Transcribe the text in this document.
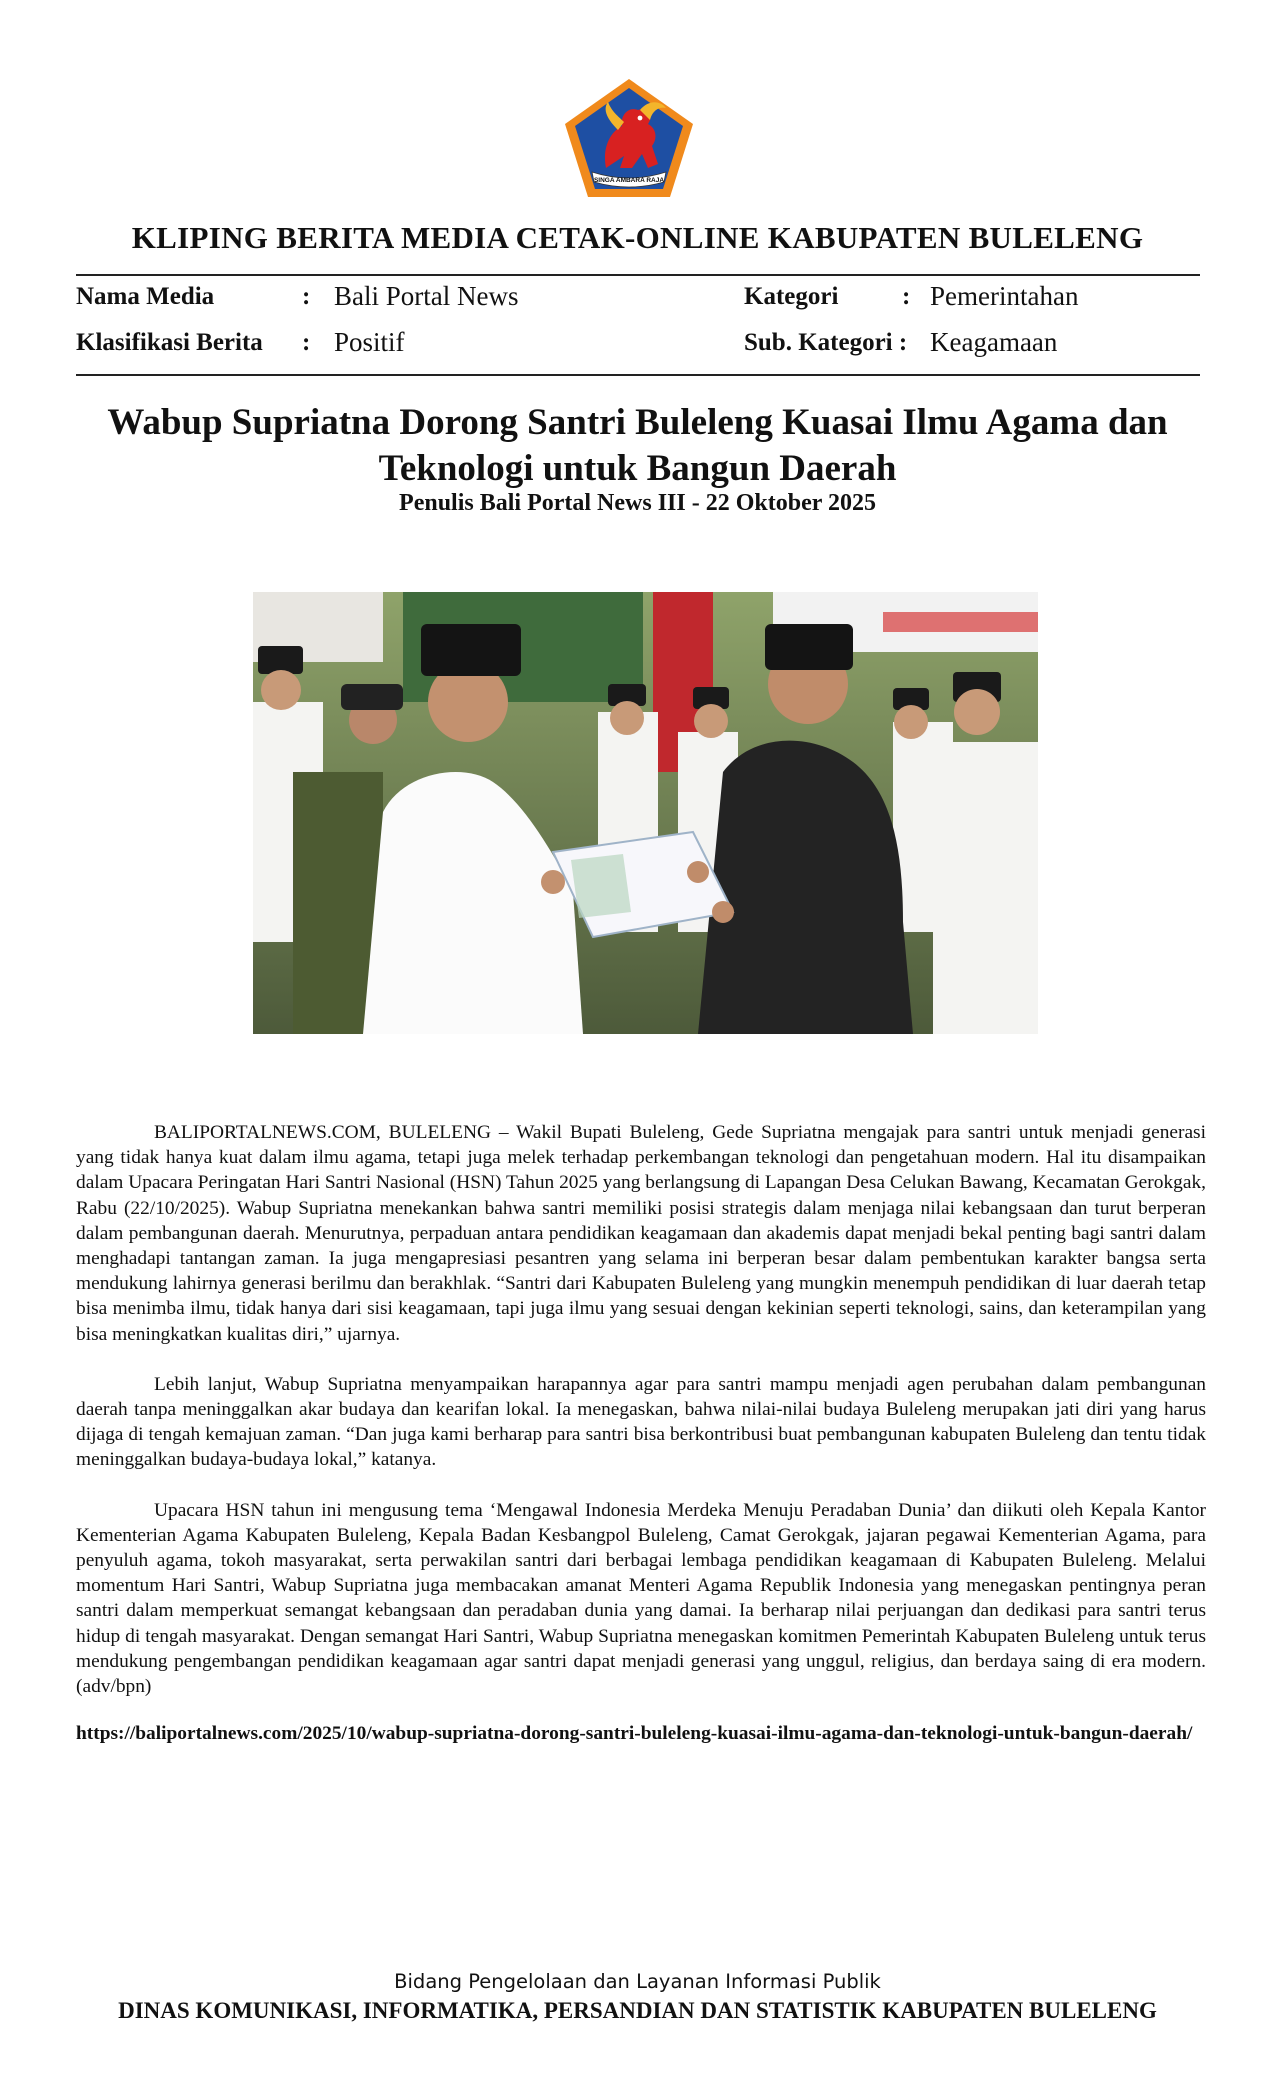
SINGA AMBARA RAJA
KLIPING BERITA MEDIA CETAK-ONLINE KABUPATEN BULELENG
Nama Media	: Bali Portal News	Kategori	: Pemerintahan
Klasifikasi Berita : Positif	Sub. Kategori : Keagamaan
Wabup Supriatna Dorong Santri Buleleng Kuasai Ilmu Agama dan Teknologi untuk Bangun Daerah
Penulis Bali Portal News III - 22 Oktober 2025

BALIPORTALNEWS.COM, BULELENG – Wakil Bupati Buleleng, Gede Supriatna mengajak para santri untuk menjadi generasi yang tidak hanya kuat dalam ilmu agama, tetapi juga melek terhadap perkembangan teknologi dan pengetahuan modern. Hal itu disampaikan dalam Upacara Peringatan Hari Santri Nasional (HSN) Tahun 2025 yang berlangsung di Lapangan Desa Celukan Bawang, Kecamatan Gerokgak, Rabu (22/10/2025). Wabup Supriatna menekankan bahwa santri memiliki posisi strategis dalam menjaga nilai kebangsaan dan turut berperan dalam pembangunan daerah. Menurutnya, perpaduan antara pendidikan keagamaan dan akademis dapat menjadi bekal penting bagi santri dalam menghadapi tantangan zaman. Ia juga mengapresiasi pesantren yang selama ini berperan besar dalam pembentukan karakter bangsa serta mendukung lahirnya generasi berilmu dan berakhlak. “Santri dari Kabupaten Buleleng yang mungkin menempuh pendidikan di luar daerah tetap bisa menimba ilmu, tidak hanya dari sisi keagamaan, tapi juga ilmu yang sesuai dengan kekinian seperti teknologi, sains, dan keterampilan yang bisa meningkatkan kualitas diri,” ujarnya.

Lebih lanjut, Wabup Supriatna menyampaikan harapannya agar para santri mampu menjadi agen perubahan dalam pembangunan daerah tanpa meninggalkan akar budaya dan kearifan lokal. Ia menegaskan, bahwa nilai-nilai budaya Buleleng merupakan jati diri yang harus dijaga di tengah kemajuan zaman. “Dan juga kami berharap para santri bisa berkontribusi buat pembangunan kabupaten Buleleng dan tentu tidak meninggalkan budaya-budaya lokal,” katanya.

Upacara HSN tahun ini mengusung tema ‘Mengawal Indonesia Merdeka Menuju Peradaban Dunia’ dan diikuti oleh Kepala Kantor Kementerian Agama Kabupaten Buleleng, Kepala Badan Kesbangpol Buleleng, Camat Gerokgak, jajaran pegawai Kementerian Agama, para penyuluh agama, tokoh masyarakat, serta perwakilan santri dari berbagai lembaga pendidikan keagamaan di Kabupaten Buleleng. Melalui momentum Hari Santri, Wabup Supriatna juga membacakan amanat Menteri Agama Republik Indonesia yang menegaskan pentingnya peran santri dalam memperkuat semangat kebangsaan dan peradaban dunia yang damai. Ia berharap nilai perjuangan dan dedikasi para santri terus hidup di tengah masyarakat. Dengan semangat Hari Santri, Wabup Supriatna menegaskan komitmen Pemerintah Kabupaten Buleleng untuk terus mendukung pengembangan pendidikan keagamaan agar santri dapat menjadi generasi yang unggul, religius, dan berdaya saing di era modern.(adv/bpn)

https://baliportalnews.com/2025/10/wabup-supriatna-dorong-santri-buleleng-kuasai-ilmu-agama-dan-teknologi-untuk-bangun-daerah/
Bidang Pengelolaan dan Layanan Informasi Publik
DINAS KOMUNIKASI, INFORMATIKA, PERSANDIAN DAN STATISTIK KABUPATEN BULELENG
